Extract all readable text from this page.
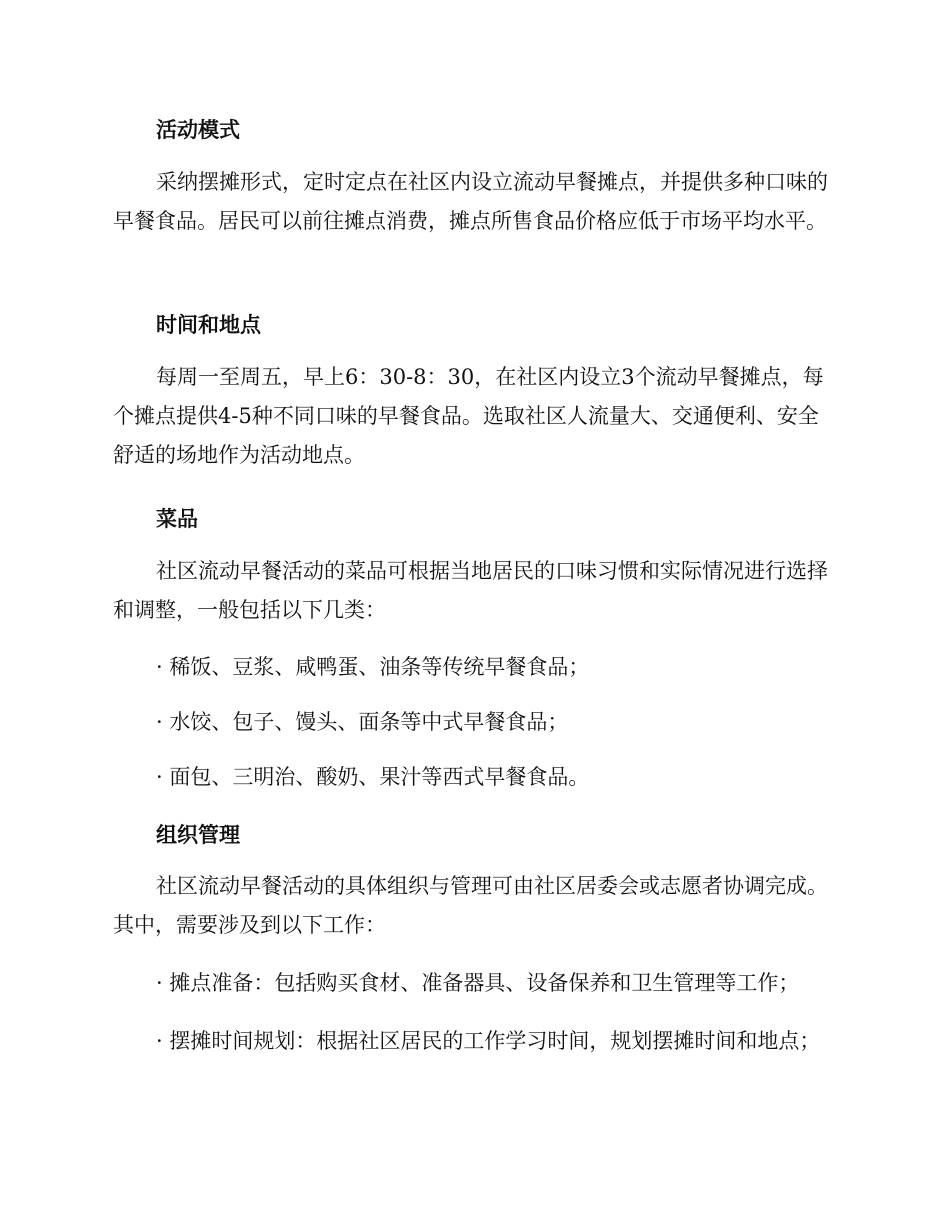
活动模式

采纳摆摊形式，定时定点在社区内设立流动早餐摊点，并提供多种口味的早餐食品。居民可以前往摊点消费，摊点所售食品价格应低于市场平均水平。

时间和地点

每周一至周五，早上6：30-8：30，在社区内设立3个流动早餐摊点，每个摊点提供4-5种不同口味的早餐食品。选取社区人流量大、交通便利、安全舒适的场地作为活动地点。

菜品

社区流动早餐活动的菜品可根据当地居民的口味习惯和实际情况进行选择和调整，一般包括以下几类：

· 稀饭、豆浆、咸鸭蛋、油条等传统早餐食品；

· 水饺、包子、馒头、面条等中式早餐食品；

· 面包、三明治、酸奶、果汁等西式早餐食品。

组织管理

社区流动早餐活动的具体组织与管理可由社区居委会或志愿者协调完成。其中，需要涉及到以下工作：

· 摊点准备：包括购买食材、准备器具、设备保养和卫生管理等工作；

· 摆摊时间规划：根据社区居民的工作学习时间，规划摆摊时间和地点；
